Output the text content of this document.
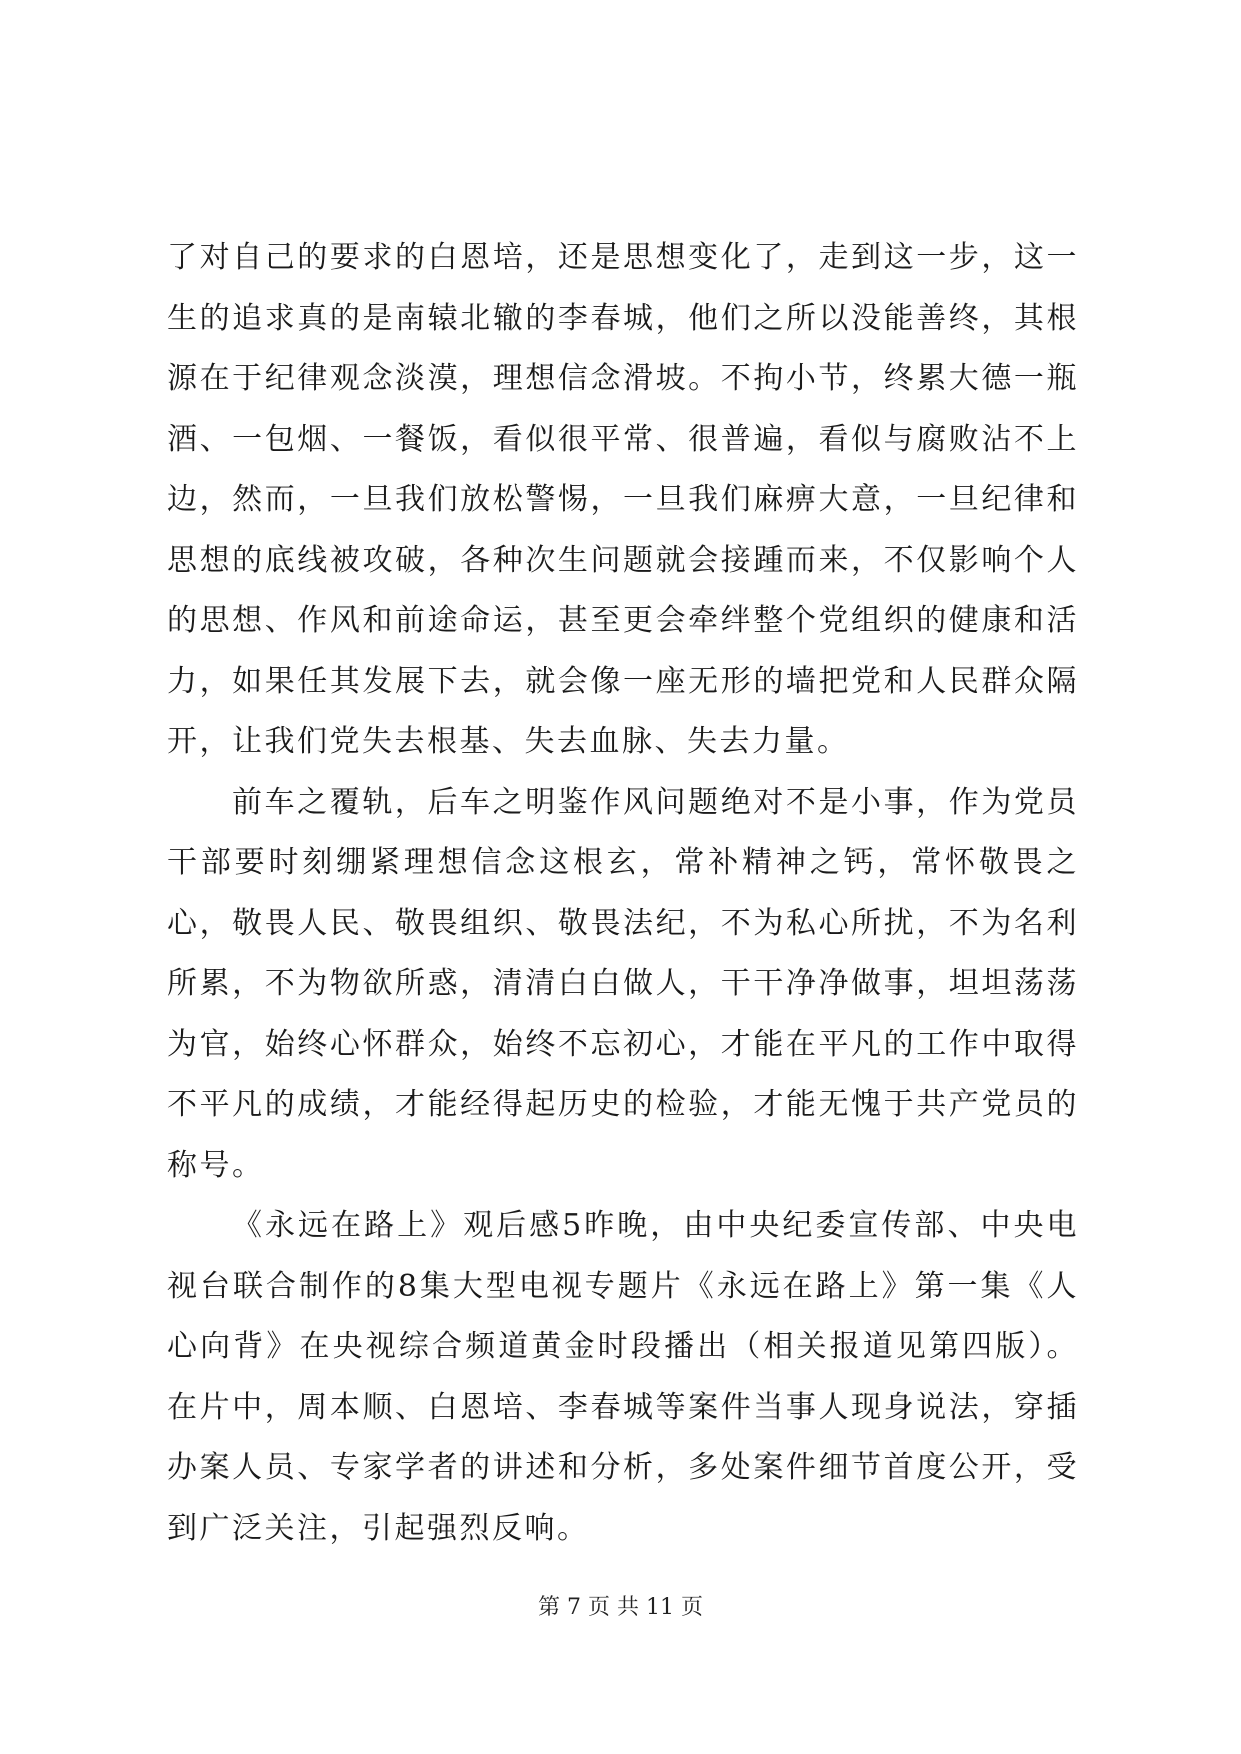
了对自己的要求的白恩培，还是思想变化了，走到这一步，这一生的追求真的是南辕北辙的李春城，他们之所以没能善终，其根源在于纪律观念淡漠，理想信念滑坡。不拘小节，终累大德一瓶酒、一包烟、一餐饭，看似很平常、很普遍，看似与腐败沾不上边，然而，一旦我们放松警惕，一旦我们麻痹大意，一旦纪律和思想的底线被攻破，各种次生问题就会接踵而来，不仅影响个人的思想、作风和前途命运，甚至更会牵绊整个党组织的健康和活力，如果任其发展下去，就会像一座无形的墙把党和人民群众隔开，让我们党失去根基、失去血脉、失去力量。

前车之覆轨，后车之明鉴作风问题绝对不是小事，作为党员干部要时刻绷紧理想信念这根玄，常补精神之钙，常怀敬畏之心，敬畏人民、敬畏组织、敬畏法纪，不为私心所扰，不为名利所累，不为物欲所惑，清清白白做人，干干净净做事，坦坦荡荡为官，始终心怀群众，始终不忘初心，才能在平凡的工作中取得不平凡的成绩，才能经得起历史的检验，才能无愧于共产党员的称号。

《永远在路上》观后感5昨晚，由中央纪委宣传部、中央电视台联合制作的8集大型电视专题片《永远在路上》第一集《人心向背》在央视综合频道黄金时段播出（相关报道见第四版）。在片中，周本顺、白恩培、李春城等案件当事人现身说法，穿插办案人员、专家学者的讲述和分析，多处案件细节首度公开，受到广泛关注，引起强烈反响。

第 7 页 共 11 页
